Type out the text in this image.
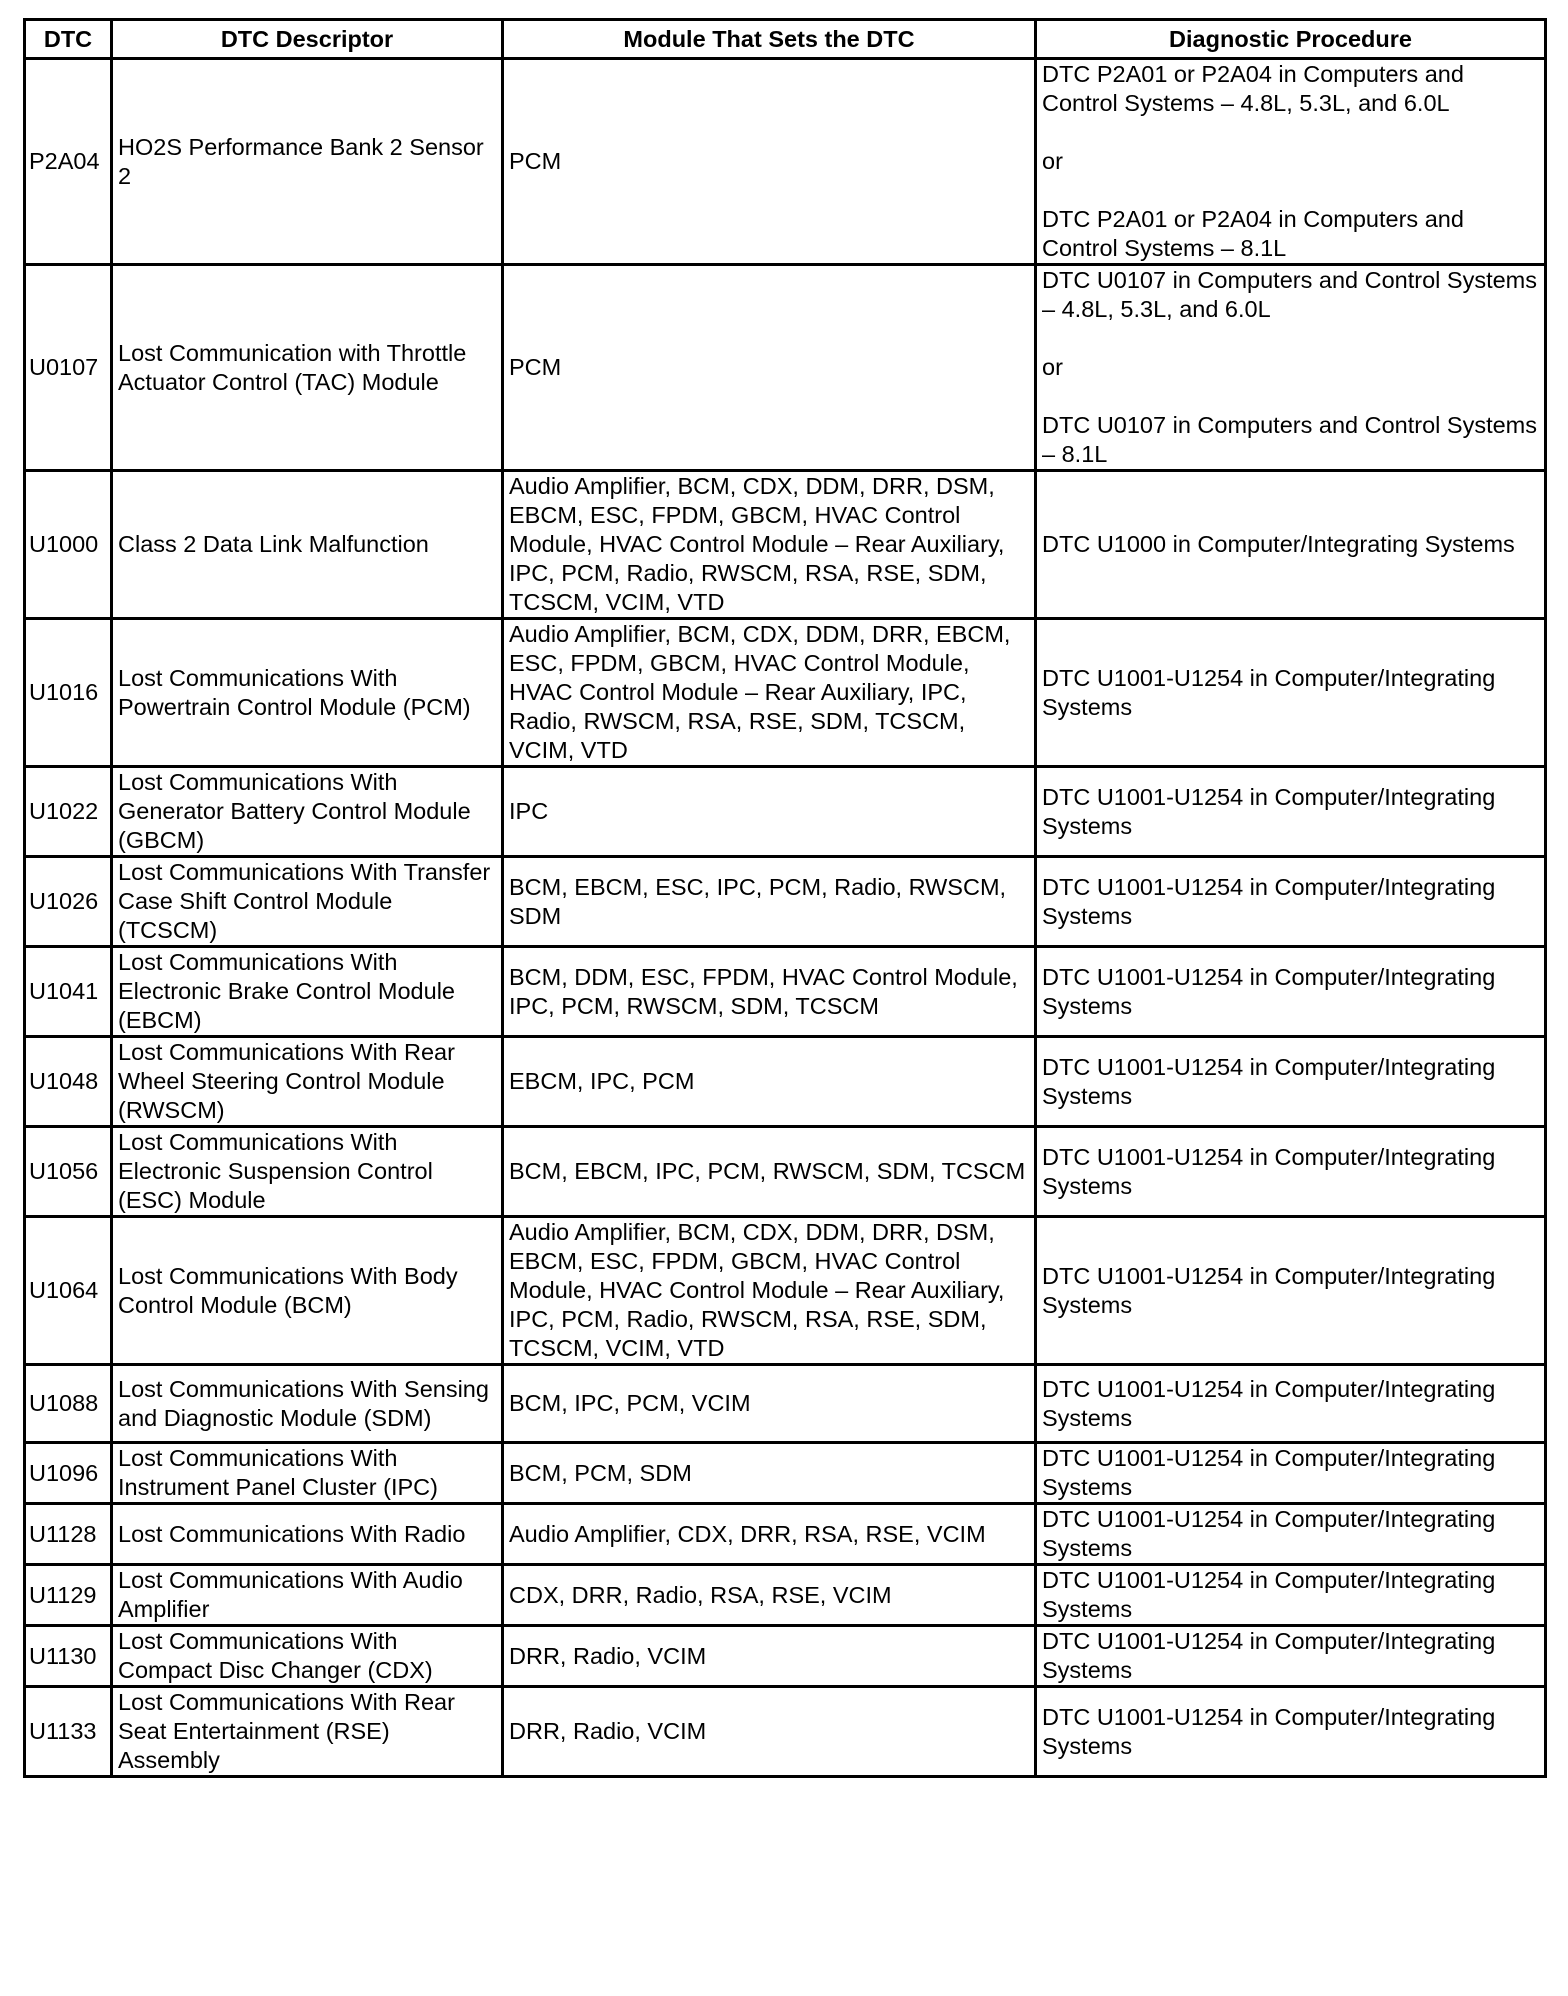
DTC	DTC Descriptor	Module That Sets the DTC	Diagnostic Procedure
P2A04	HO2S Performance Bank 2 Sensor 2	PCM	DTC P2A01 or P2A04 in Computers and Control Systems – 4.8L, 5.3L, and 6.0L
or
DTC P2A01 or P2A04 in Computers and Control Systems – 8.1L

U0107	Lost Communication with Throttle Actuator Control (TAC) Module	PCM	DTC U0107 in Computers and Control Systems – 4.8L, 5.3L, and 6.0L
or
DTC U0107 in Computers and Control Systems – 8.1L

U1000	Class 2 Data Link Malfunction	Audio Amplifier, BCM, CDX, DDM, DRR, DSM, EBCM, ESC, FPDM, GBCM, HVAC Control Module, HVAC Control Module – Rear Auxiliary, IPC, PCM, Radio, RWSCM, RSA, RSE, SDM, TCSCM, VCIM, VTD	DTC U1000 in Computer/Integrating Systems

U1016	Lost Communications With Powertrain Control Module (PCM)	Audio Amplifier, BCM, CDX, DDM, DRR, EBCM, ESC, FPDM, GBCM, HVAC Control Module, HVAC Control Module – Rear Auxiliary, IPC, Radio, RWSCM, RSA, RSE, SDM, TCSCM, VCIM, VTD	DTC U1001-U1254 in Computer/Integrating Systems

U1022	Lost Communications With Generator Battery Control Module (GBCM)	IPC	DTC U1001-U1254 in Computer/Integrating Systems

U1026	Lost Communications With Transfer Case Shift Control Module (TCSCM)	BCM, EBCM, ESC, IPC, PCM, Radio, RWSCM, SDM	DTC U1001-U1254 in Computer/Integrating Systems

U1041	Lost Communications With Electronic Brake Control Module (EBCM)	BCM, DDM, ESC, FPDM, HVAC Control Module, IPC, PCM, RWSCM, SDM, TCSCM	DTC U1001-U1254 in Computer/Integrating Systems

U1048	Lost Communications With Rear Wheel Steering Control Module (RWSCM)	EBCM, IPC, PCM	DTC U1001-U1254 in Computer/Integrating Systems

U1056	Lost Communications With Electronic Suspension Control (ESC) Module	BCM, EBCM, IPC, PCM, RWSCM, SDM, TCSCM	DTC U1001-U1254 in Computer/Integrating Systems

U1064	Lost Communications With Body Control Module (BCM)	Audio Amplifier, BCM, CDX, DDM, DRR, DSM, EBCM, ESC, FPDM, GBCM, HVAC Control Module, HVAC Control Module – Rear Auxiliary, IPC, PCM, Radio, RWSCM, RSA, RSE, SDM, TCSCM, VCIM, VTD	DTC U1001-U1254 in Computer/Integrating Systems

U1088	Lost Communications With Sensing and Diagnostic Module (SDM)	BCM, IPC, PCM, VCIM	DTC U1001-U1254 in Computer/Integrating Systems

U1096	Lost Communications With Instrument Panel Cluster (IPC)	BCM, PCM, SDM	DTC U1001-U1254 in Computer/Integrating Systems

U1128	Lost Communications With Radio	Audio Amplifier, CDX, DRR, RSA, RSE, VCIM	DTC U1001-U1254 in Computer/Integrating Systems

U1129	Lost Communications With Audio Amplifier	CDX, DRR, Radio, RSA, RSE, VCIM	DTC U1001-U1254 in Computer/Integrating Systems

U1130	Lost Communications With Compact Disc Changer (CDX)	DRR, Radio, VCIM	DTC U1001-U1254 in Computer/Integrating Systems

U1133	Lost Communications With Rear Seat Entertainment (RSE) Assembly	DRR, Radio, VCIM	DTC U1001-U1254 in Computer/Integrating Systems
